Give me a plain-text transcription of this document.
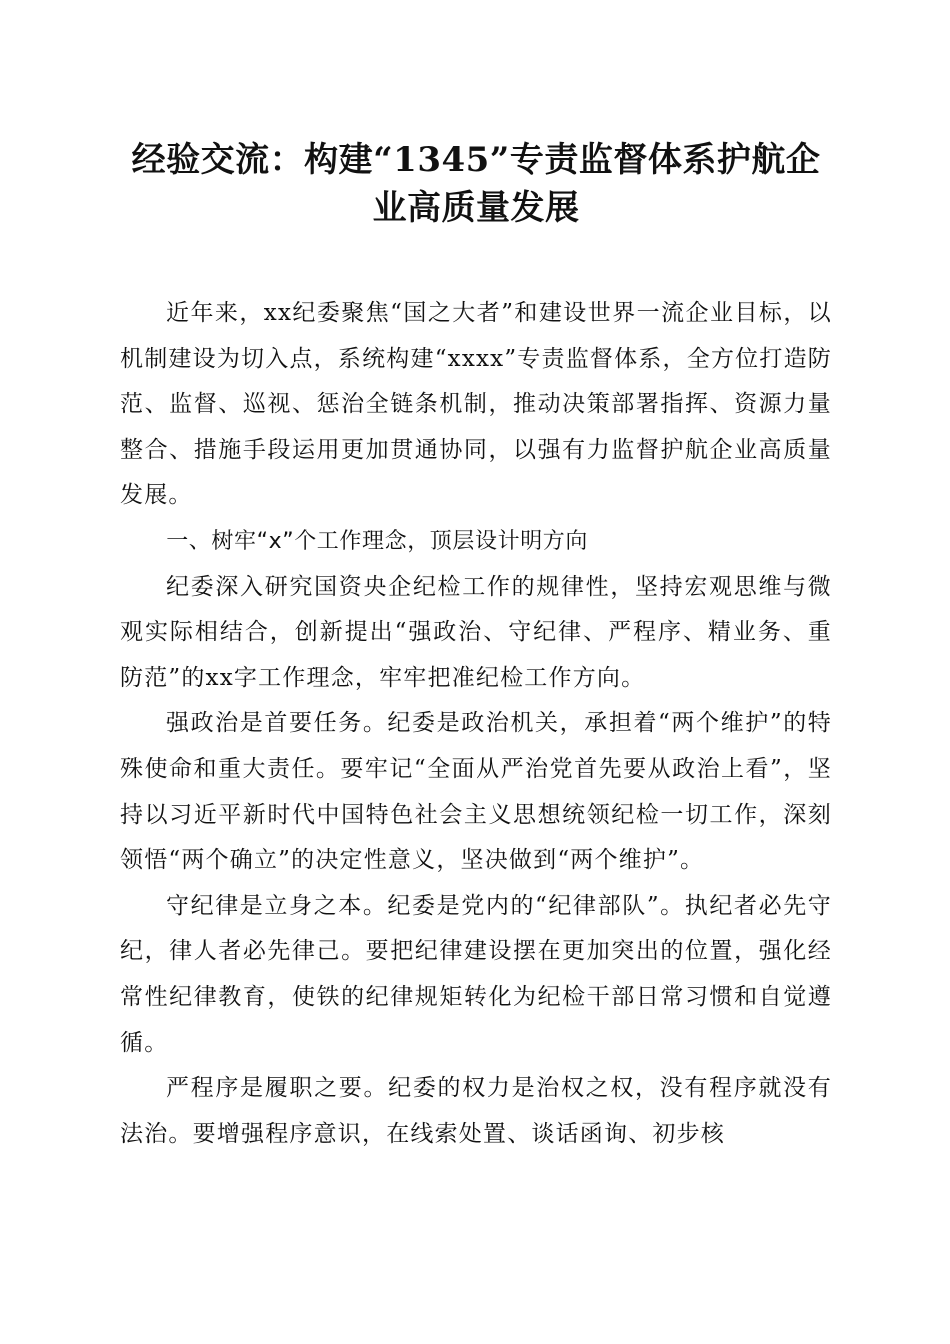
经验交流：构建“1345”专责监督体系护航企业高质量发展

近年来，xx纪委聚焦“国之大者”和建设世界一流企业目标，以机制建设为切入点，系统构建“xxxx”专责监督体系，全方位打造防范、监督、巡视、惩治全链条机制，推动决策部署指挥、资源力量整合、措施手段运用更加贯通协同，以强有力监督护航企业高质量发展。

一、树牢“x”个工作理念，顶层设计明方向

纪委深入研究国资央企纪检工作的规律性，坚持宏观思维与微观实际相结合，创新提出“强政治、守纪律、严程序、精业务、重防范”的xx字工作理念，牢牢把准纪检工作方向。

强政治是首要任务。纪委是政治机关，承担着“两个维护”的特殊使命和重大责任。要牢记“全面从严治党首先要从政治上看”，坚持以习近平新时代中国特色社会主义思想统领纪检一切工作，深刻领悟“两个确立”的决定性意义，坚决做到“两个维护”。

守纪律是立身之本。纪委是党内的“纪律部队”。执纪者必先守纪，律人者必先律己。要把纪律建设摆在更加突出的位置，强化经常性纪律教育，使铁的纪律规矩转化为纪检干部日常习惯和自觉遵循。

严程序是履职之要。纪委的权力是治权之权，没有程序就没有法治。要增强程序意识，在线索处置、谈话函询、初步核
